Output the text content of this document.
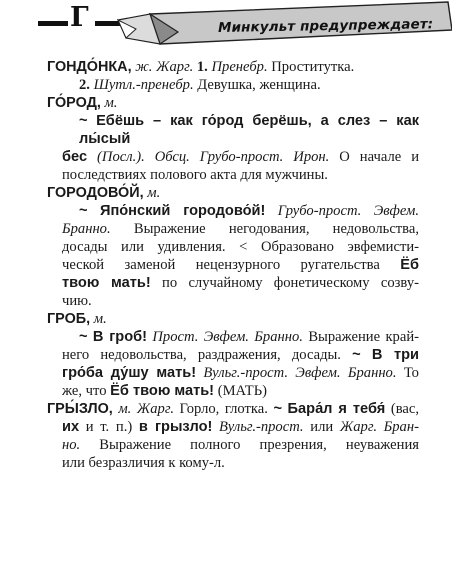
Г	Минкульт предупреждает:

ГОНДО́НКА, ж. Жарг. 1. Пренебр. Проститутка.

2. Шутл.-пренебр. Девушка, женщина.

ГО́РОД, м.

~ Ебёшь – как го́род берёшь, а слез – как лы́сый

бес (Посл.). Обсц. Грубо-прост. Ирон. О начале и

последствиях полового акта для мужчины.

ГОРОДОВО́Й, м.

~ Япо́нский городово́й! Грубо-прост. Эвфем.

Бранно. Выражение негодования, недовольства,

досады или удивления. < Образовано эвфемисти-

ческой заменой нецензурного ругательства Ёб

твою мать! по случайному фонетическому созву-

чию.

ГРОБ, м.

~ В гроб! Прост. Эвфем. Бранно. Выражение край-

него недовольства, раздражения, досады. ~ В три

гро́ба ду́шу мать! Вульг.-прост. Эвфем. Бранно. То

же, что Ёб твою мать! (МАТЬ)

ГРЫ́ЗЛО, м. Жарг. Горло, глотка. ~ Бара́л я тебя́ (вас,

их и т. п.) в грызло! Вульг.-прост. или Жарг. Бран-

но. Выражение полного презрения, неуважения

или безразличия к кому-л.
